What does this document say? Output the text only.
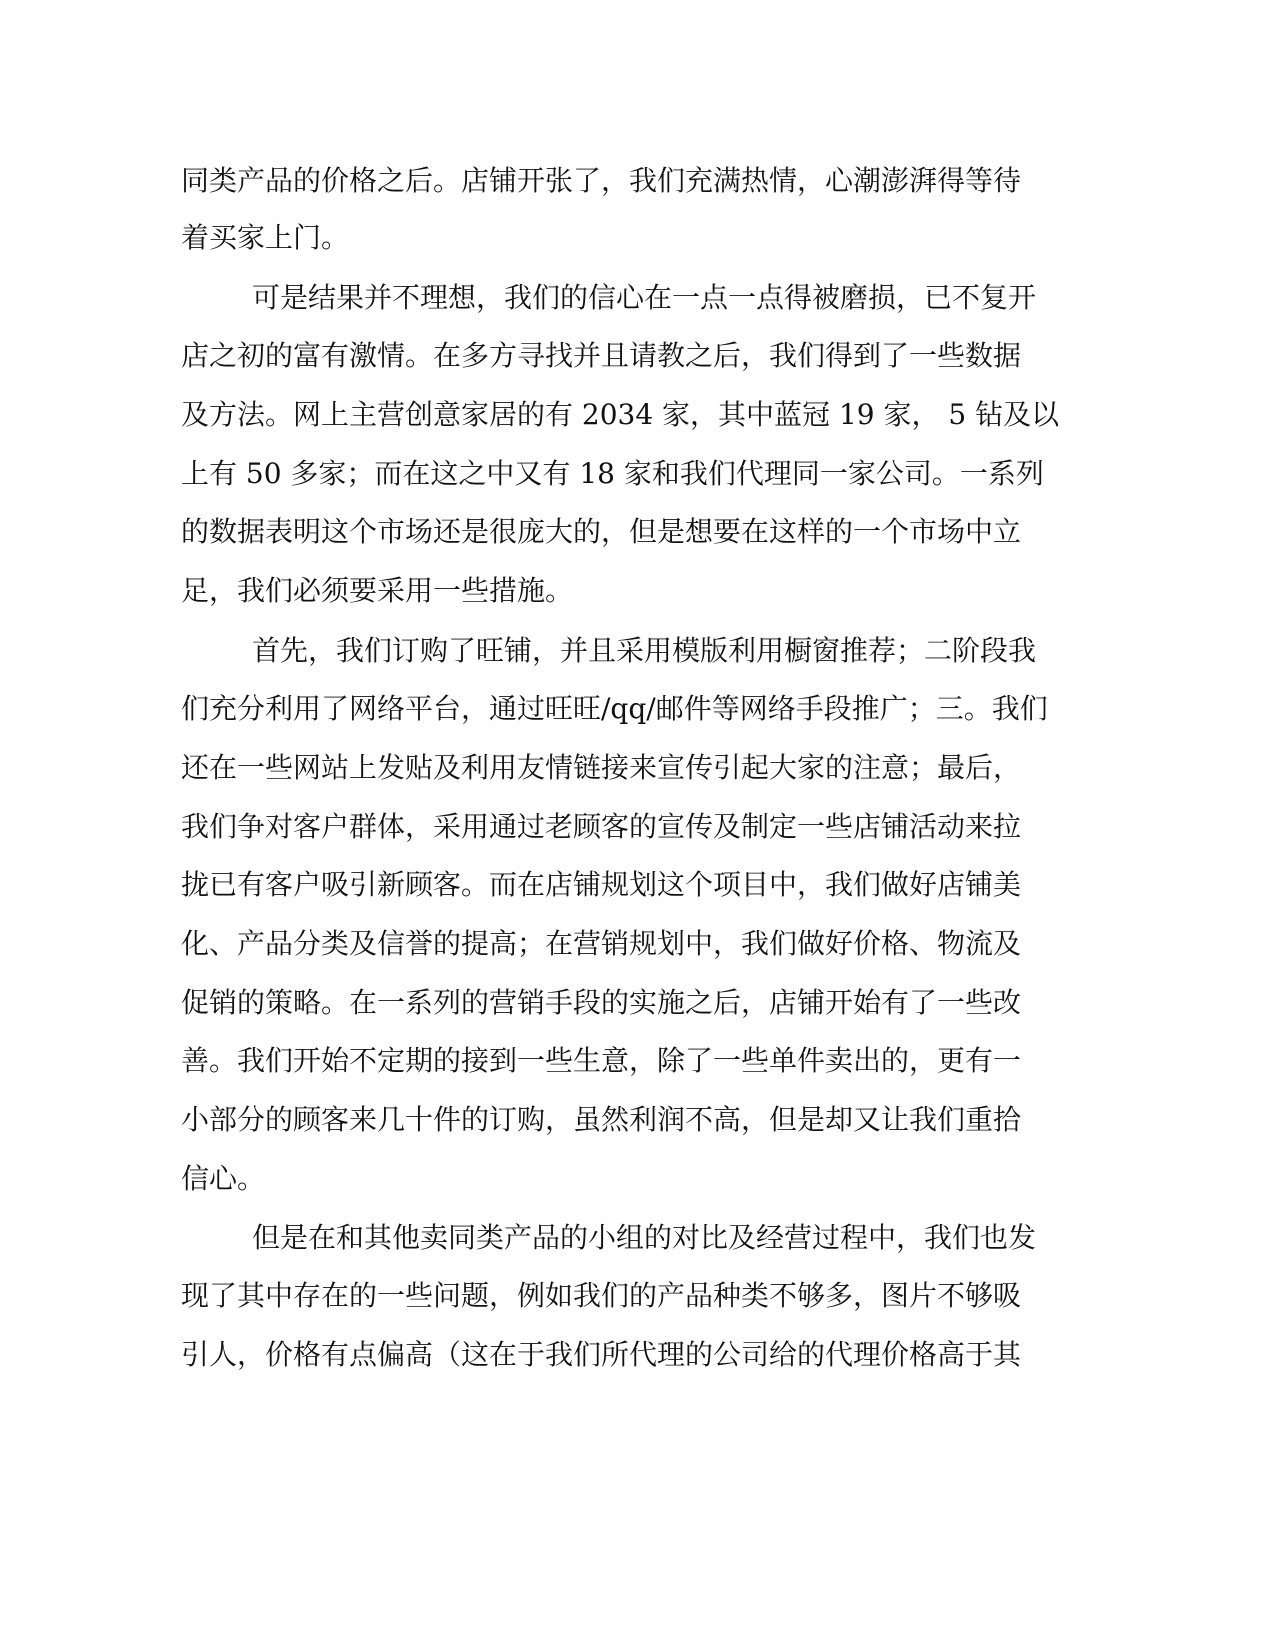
同类产品的价格之后。店铺开张了，我们充满热情，心潮澎湃得等待
着买家上门。
可是结果并不理想，我们的信心在一点一点得被磨损，已不复开
店之初的富有激情。在多方寻找并且请教之后，我们得到了一些数据
及方法。网上主营创意家居的有 2034 家，其中蓝冠 19 家， 5 钻及以
上有 50 多家；而在这之中又有 18 家和我们代理同一家公司。一系列
的数据表明这个市场还是很庞大的，但是想要在这样的一个市场中立
足，我们必须要采用一些措施。
首先，我们订购了旺铺，并且采用模版利用橱窗推荐；二阶段我
们充分利用了网络平台，通过旺旺/qq/邮件等网络手段推广；三。我们
还在一些网站上发贴及利用友情链接来宣传引起大家的注意；最后，
我们争对客户群体，采用通过老顾客的宣传及制定一些店铺活动来拉
拢已有客户吸引新顾客。而在店铺规划这个项目中，我们做好店铺美
化、产品分类及信誉的提高；在营销规划中，我们做好价格、物流及
促销的策略。在一系列的营销手段的实施之后，店铺开始有了一些改
善。我们开始不定期的接到一些生意，除了一些单件卖出的，更有一
小部分的顾客来几十件的订购，虽然利润不高，但是却又让我们重拾
信心。
但是在和其他卖同类产品的小组的对比及经营过程中，我们也发
现了其中存在的一些问题，例如我们的产品种类不够多，图片不够吸
引人，价格有点偏高（这在于我们所代理的公司给的代理价格高于其
